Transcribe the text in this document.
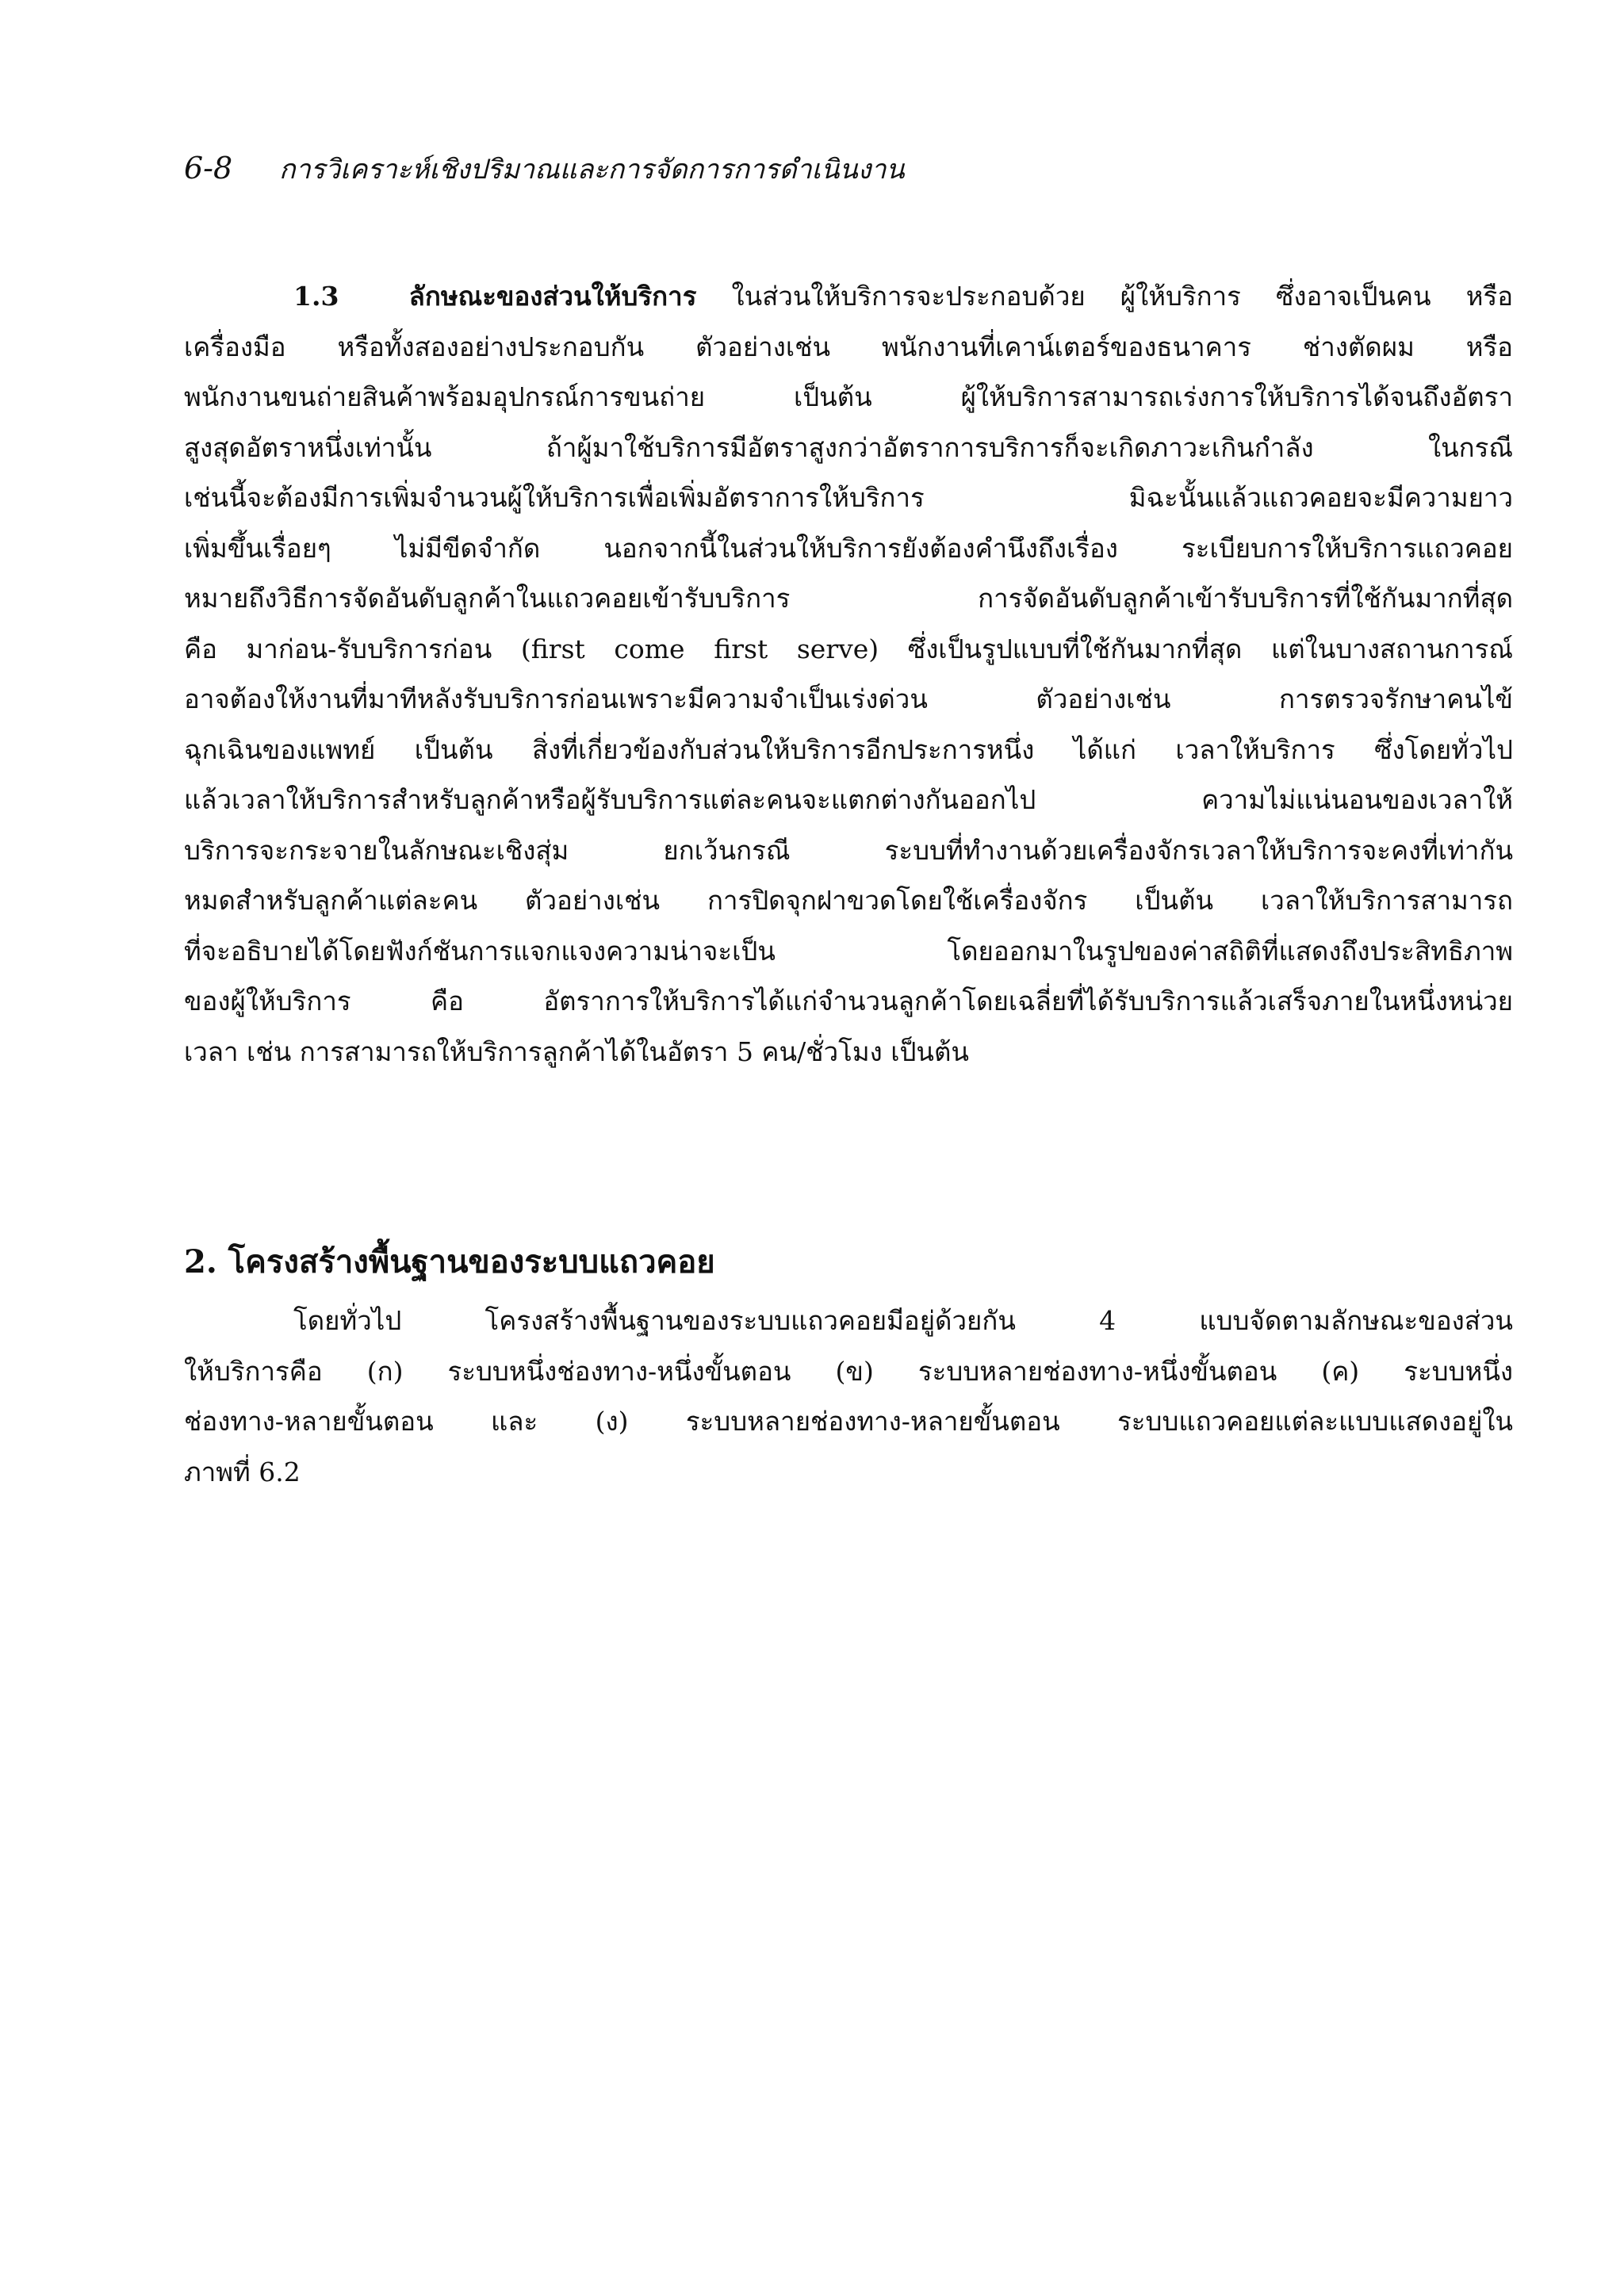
6-8 การวิเคราะห์เชิงปริมาณและการจัดการการดำเนินงาน
1.3	ลักษณะของส่วนให้บริการ ในส่วนให้บริการจะประกอบด้วย ผู้ให้บริการ ซึ่งอาจเป็นคน หรือ
เครื่องมือ หรือทั้งสองอย่างประกอบกัน ตัวอย่างเช่น พนักงานที่เคาน์เตอร์ของธนาคาร ช่างตัดผม หรือ
พนักงานขนถ่ายสินค้าพร้อมอุปกรณ์การขนถ่าย เป็นต้น ผู้ให้บริการสามารถเร่งการให้บริการได้จนถึงอัตรา
สูงสุดอัตราหนึ่งเท่านั้น ถ้าผู้มาใช้บริการมีอัตราสูงกว่าอัตราการบริการก็จะเกิดภาวะเกินกำลัง ในกรณี
เช่นนี้จะต้องมีการเพิ่มจำนวนผู้ให้บริการเพื่อเพิ่มอัตราการให้บริการ มิฉะนั้นแล้วแถวคอยจะมีความยาว
เพิ่มขึ้นเรื่อยๆ ไม่มีขีดจำกัด นอกจากนี้ในส่วนให้บริการยังต้องคำนึงถึงเรื่อง ระเบียบการให้บริการแถวคอย
หมายถึงวิธีการจัดอันดับลูกค้าในแถวคอยเข้ารับบริการ การจัดอันดับลูกค้าเข้ารับบริการที่ใช้กันมากที่สุด
คือ มาก่อน-รับบริการก่อน (first come first serve) ซึ่งเป็นรูปแบบที่ใช้กันมากที่สุด แต่ในบางสถานการณ์
อาจต้องให้งานที่มาทีหลังรับบริการก่อนเพราะมีความจำเป็นเร่งด่วน ตัวอย่างเช่น การตรวจรักษาคนไข้
ฉุกเฉินของแพทย์ เป็นต้น สิ่งที่เกี่ยวข้องกับส่วนให้บริการอีกประการหนึ่ง ได้แก่ เวลาให้บริการ ซึ่งโดยทั่วไป
แล้วเวลาให้บริการสำหรับลูกค้าหรือผู้รับบริการแต่ละคนจะแตกต่างกันออกไป ความไม่แน่นอนของเวลาให้
บริการจะกระจายในลักษณะเชิงสุ่ม ยกเว้นกรณี ระบบที่ทำงานด้วยเครื่องจักรเวลาให้บริการจะคงที่เท่ากัน
หมดสำหรับลูกค้าแต่ละคน ตัวอย่างเช่น การปิดจุกฝาขวดโดยใช้เครื่องจักร เป็นต้น เวลาให้บริการสามารถ
ที่จะอธิบายได้โดยฟังก์ชันการแจกแจงความน่าจะเป็น โดยออกมาในรูปของค่าสถิติที่แสดงถึงประสิทธิภาพ
ของผู้ให้บริการ คือ อัตราการให้บริการได้แก่จำนวนลูกค้าโดยเฉลี่ยที่ได้รับบริการแล้วเสร็จภายในหนึ่งหน่วย
เวลา เช่น การสามารถให้บริการลูกค้าได้ในอัตรา 5 คน/ชั่วโมง เป็นต้น
2. โครงสร้างพื้นฐานของระบบแถวคอย
โดยทั่วไป โครงสร้างพื้นฐานของระบบแถวคอยมีอยู่ด้วยกัน 4 แบบจัดตามลักษณะของส่วน
ให้บริการคือ (ก) ระบบหนึ่งช่องทาง-หนึ่งขั้นตอน (ข) ระบบหลายช่องทาง-หนึ่งขั้นตอน (ค) ระบบหนึ่ง
ช่องทาง-หลายขั้นตอน และ (ง) ระบบหลายช่องทาง-หลายขั้นตอน ระบบแถวคอยแต่ละแบบแสดงอยู่ใน
ภาพที่ 6.2
